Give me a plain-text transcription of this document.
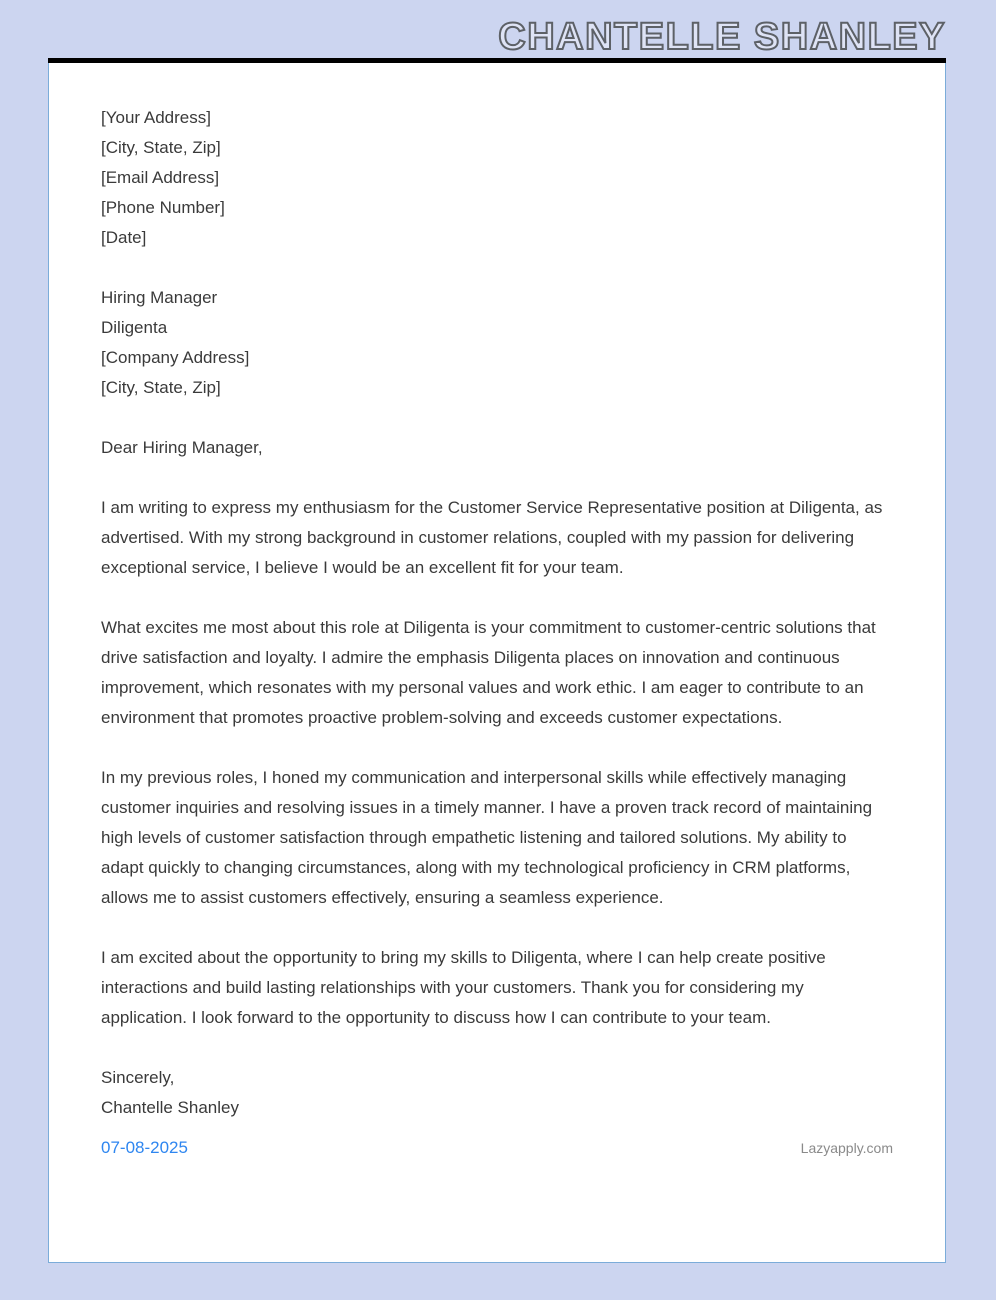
CHANTELLE SHANLEY
[Your Address]
[City, State, Zip]
[Email Address]
[Phone Number]
[Date]
Hiring Manager
Diligenta
[Company Address]
[City, State, Zip]
Dear Hiring Manager,

I am writing to express my enthusiasm for the Customer Service Representative position at Diligenta, as advertised. With my strong background in customer relations, coupled with my passion for delivering exceptional service, I believe I would be an excellent fit for your team.

What excites me most about this role at Diligenta is your commitment to customer-centric solutions that drive satisfaction and loyalty. I admire the emphasis Diligenta places on innovation and continuous improvement, which resonates with my personal values and work ethic. I am eager to contribute to an environment that promotes proactive problem-solving and exceeds customer expectations.

In my previous roles, I honed my communication and interpersonal skills while effectively managing customer inquiries and resolving issues in a timely manner. I have a proven track record of maintaining high levels of customer satisfaction through empathetic listening and tailored solutions. My ability to adapt quickly to changing circumstances, along with my technological proficiency in CRM platforms, allows me to assist customers effectively, ensuring a seamless experience.

I am excited about the opportunity to bring my skills to Diligenta, where I can help create positive interactions and build lasting relationships with your customers. Thank you for considering my application. I look forward to the opportunity to discuss how I can contribute to your team.

Sincerely,
Chantelle Shanley
07-08-2025	Lazyapply.com
